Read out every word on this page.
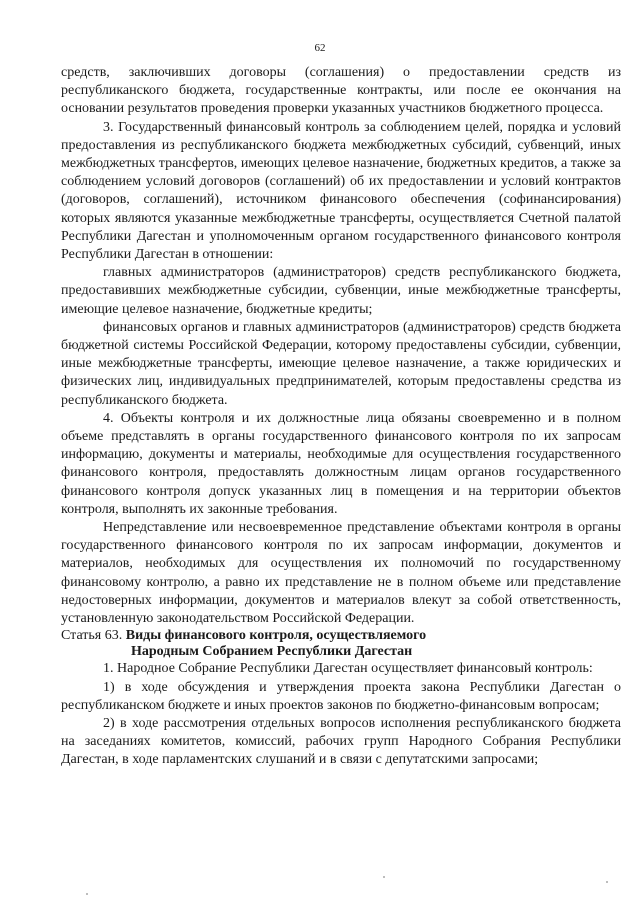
62

средств, заключивших договоры (соглашения) о предоставлении средств из республиканского бюджета, государственные контракты, или после ее окончания на основании результатов проведения проверки указанных участников бюджетного процесса.

3. Государственный финансовый контроль за соблюдением целей, порядка и условий предоставления из республиканского бюджета межбюджетных субсидий, субвенций, иных межбюджетных трансфертов, имеющих целевое назначение, бюджетных кредитов, а также за соблюдением условий договоров (соглашений) об их предоставлении и условий контрактов (договоров, соглашений), источником финансового обеспечения (софинансирования) которых являются указанные межбюджетные трансферты, осуществляется Счетной палатой Республики Дагестан и уполномоченным органом государственного финансового контроля Республики Дагестан в отношении:

главных администраторов (администраторов) средств республиканского бюджета, предоставивших межбюджетные субсидии, субвенции, иные межбюджетные трансферты, имеющие целевое назначение, бюджетные кредиты;

финансовых органов и главных администраторов (администраторов) средств бюджета бюджетной системы Российской Федерации, которому предоставлены субсидии, субвенции, иные межбюджетные трансферты, имеющие целевое назначение, а также юридических и физических лиц, индивидуальных предпринимателей, которым предоставлены средства из республиканского бюджета.

4. Объекты контроля и их должностные лица обязаны своевременно и в полном объеме представлять в органы государственного финансового контроля по их запросам информацию, документы и материалы, необходимые для осуществления государственного финансового контроля, предоставлять должностным лицам органов государственного финансового контроля допуск указанных лиц в помещения и на территории объектов контроля, выполнять их законные требования.

Непредставление или несвоевременное представление объектами контроля в органы государственного финансового контроля по их запросам информации, документов и материалов, необходимых для осуществления их полномочий по государственному финансовому контролю, а равно их представление не в полном объеме или представление недостоверных информации, документов и материалов влекут за собой ответственность, установленную законодательством Российской Федерации.

Статья 63. Виды финансового контроля, осуществляемого
Народным Собранием Республики Дагестан

1. Народное Собрание Республики Дагестан осуществляет финансовый контроль:

1) в ходе обсуждения и утверждения проекта закона Республики Дагестан о республиканском бюджете и иных проектов законов по бюджетно-финансовым вопросам;

2) в ходе рассмотрения отдельных вопросов исполнения республиканского бюджета на заседаниях комитетов, комиссий, рабочих групп Народного Собрания Республики Дагестан, в ходе парламентских слушаний и в связи с депутатскими запросами;
